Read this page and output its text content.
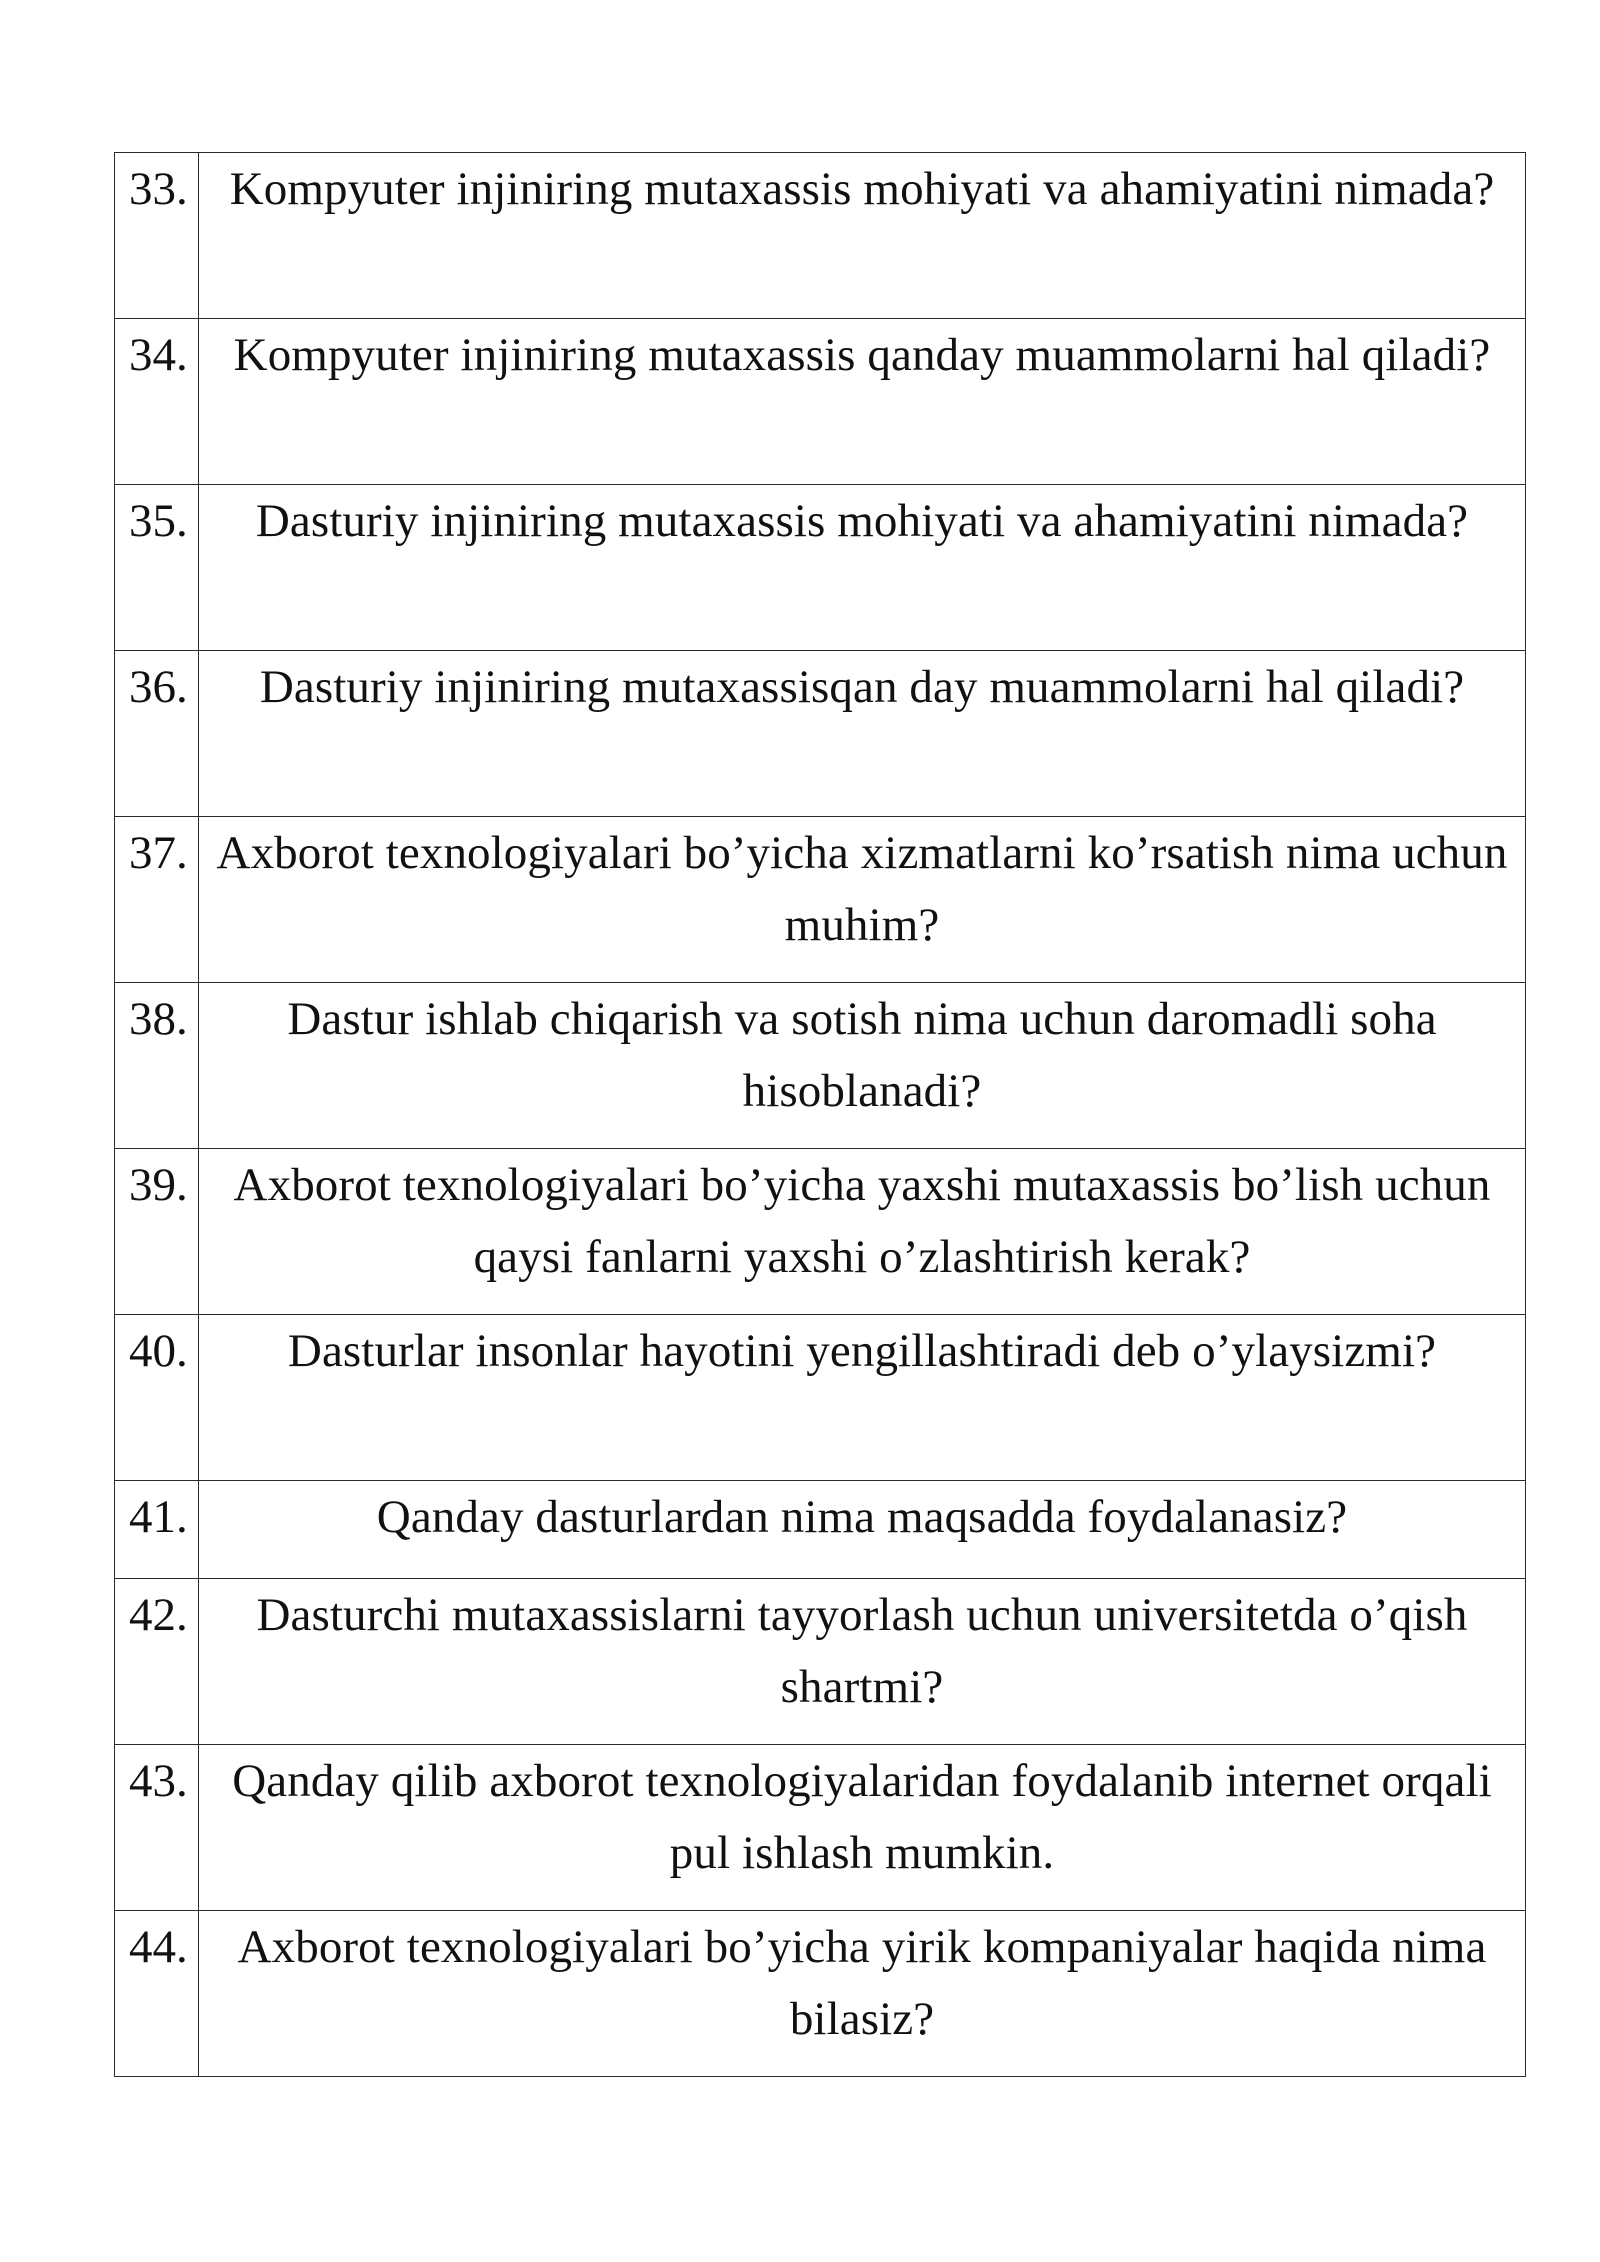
33.	Kompyuter injiniring mutaxassis mohiyati va ahamiyatini nimada?
34.	Kompyuter injiniring mutaxassis qanday muammolarni hal qiladi?
35.	Dasturiy injiniring mutaxassis mohiyati va ahamiyatini nimada?
36.	Dasturiy injiniring mutaxassisqan day muammolarni hal qiladi?
37.	Axborot texnologiyalari bo’yicha xizmatlarni ko’rsatish nima uchun muhim?
38.	Dastur ishlab chiqarish va sotish nima uchun daromadli soha hisoblanadi?
39.	Axborot texnologiyalari bo’yicha yaxshi mutaxassis bo’lish uchun qaysi fanlarni yaxshi o’zlashtirish kerak?
40.	Dasturlar insonlar hayotini yengillashtiradi deb o’ylaysizmi?
41.	Qanday dasturlardan nima maqsadda foydalanasiz?
42.	Dasturchi mutaxassislarni tayyorlash uchun universitetda o’qish shartmi?
43.	Qanday qilib axborot texnologiyalaridan foydalanib internet orqali pul ishlash mumkin.
44.	Axborot texnologiyalari bo’yicha yirik kompaniyalar haqida nima bilasiz?
